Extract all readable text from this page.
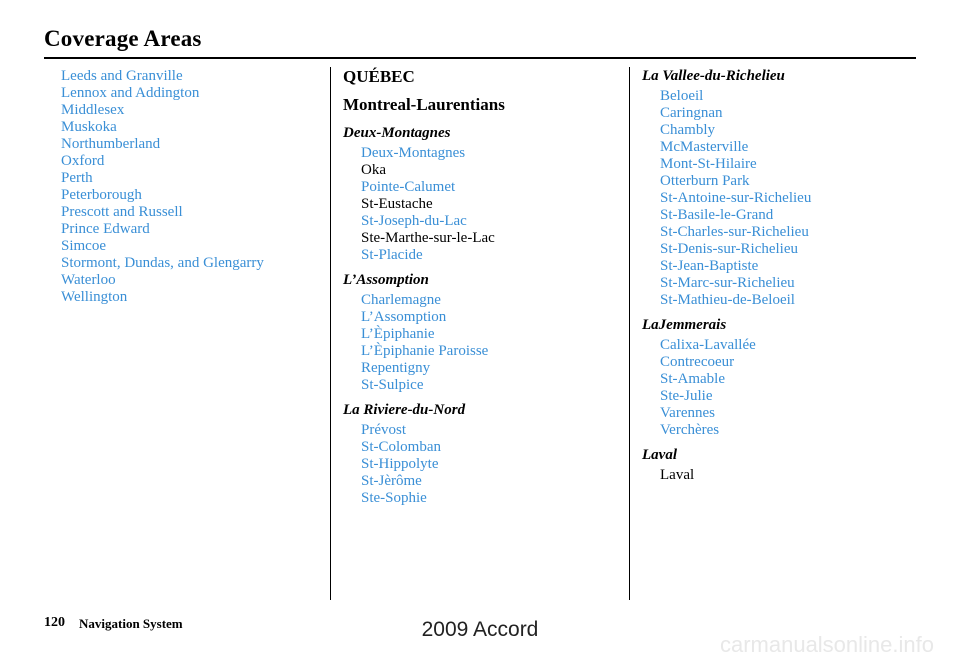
Coverage Areas
Leeds and Granville
Lennox and Addington
Middlesex
Muskoka
Northumberland
Oxford
Perth
Peterborough
Prescott and Russell
Prince Edward
Simcoe
Stormont, Dundas, and Glengarry
Waterloo
Wellington
QUÉBEC
Montreal-Laurentians
Deux-Montagnes
Deux-Montagnes
Oka
Pointe-Calumet
St-Eustache
St-Joseph-du-Lac
Ste-Marthe-sur-le-Lac
St-Placide
L’Assomption
Charlemagne
L’Assomption
L’Èpiphanie
L’Èpiphanie Paroisse
Repentigny
St-Sulpice
La Riviere-du-Nord
Prévost
St-Colomban
St-Hippolyte
St-Jèrôme
Ste-Sophie
La Vallee-du-Richelieu
Beloeil
Caringnan
Chambly
McMasterville
Mont-St-Hilaire
Otterburn Park
St-Antoine-sur-Richelieu
St-Basile-le-Grand
St-Charles-sur-Richelieu
St-Denis-sur-Richelieu
St-Jean-Baptiste
St-Marc-sur-Richelieu
St-Mathieu-de-Beloeil
LaJemmerais
Calixa-Lavallée
Contrecoeur
St-Amable
Ste-Julie
Varennes
Verchères
Laval
Laval
120 Navigation System	2009 Accord
carmanualsonline.info
